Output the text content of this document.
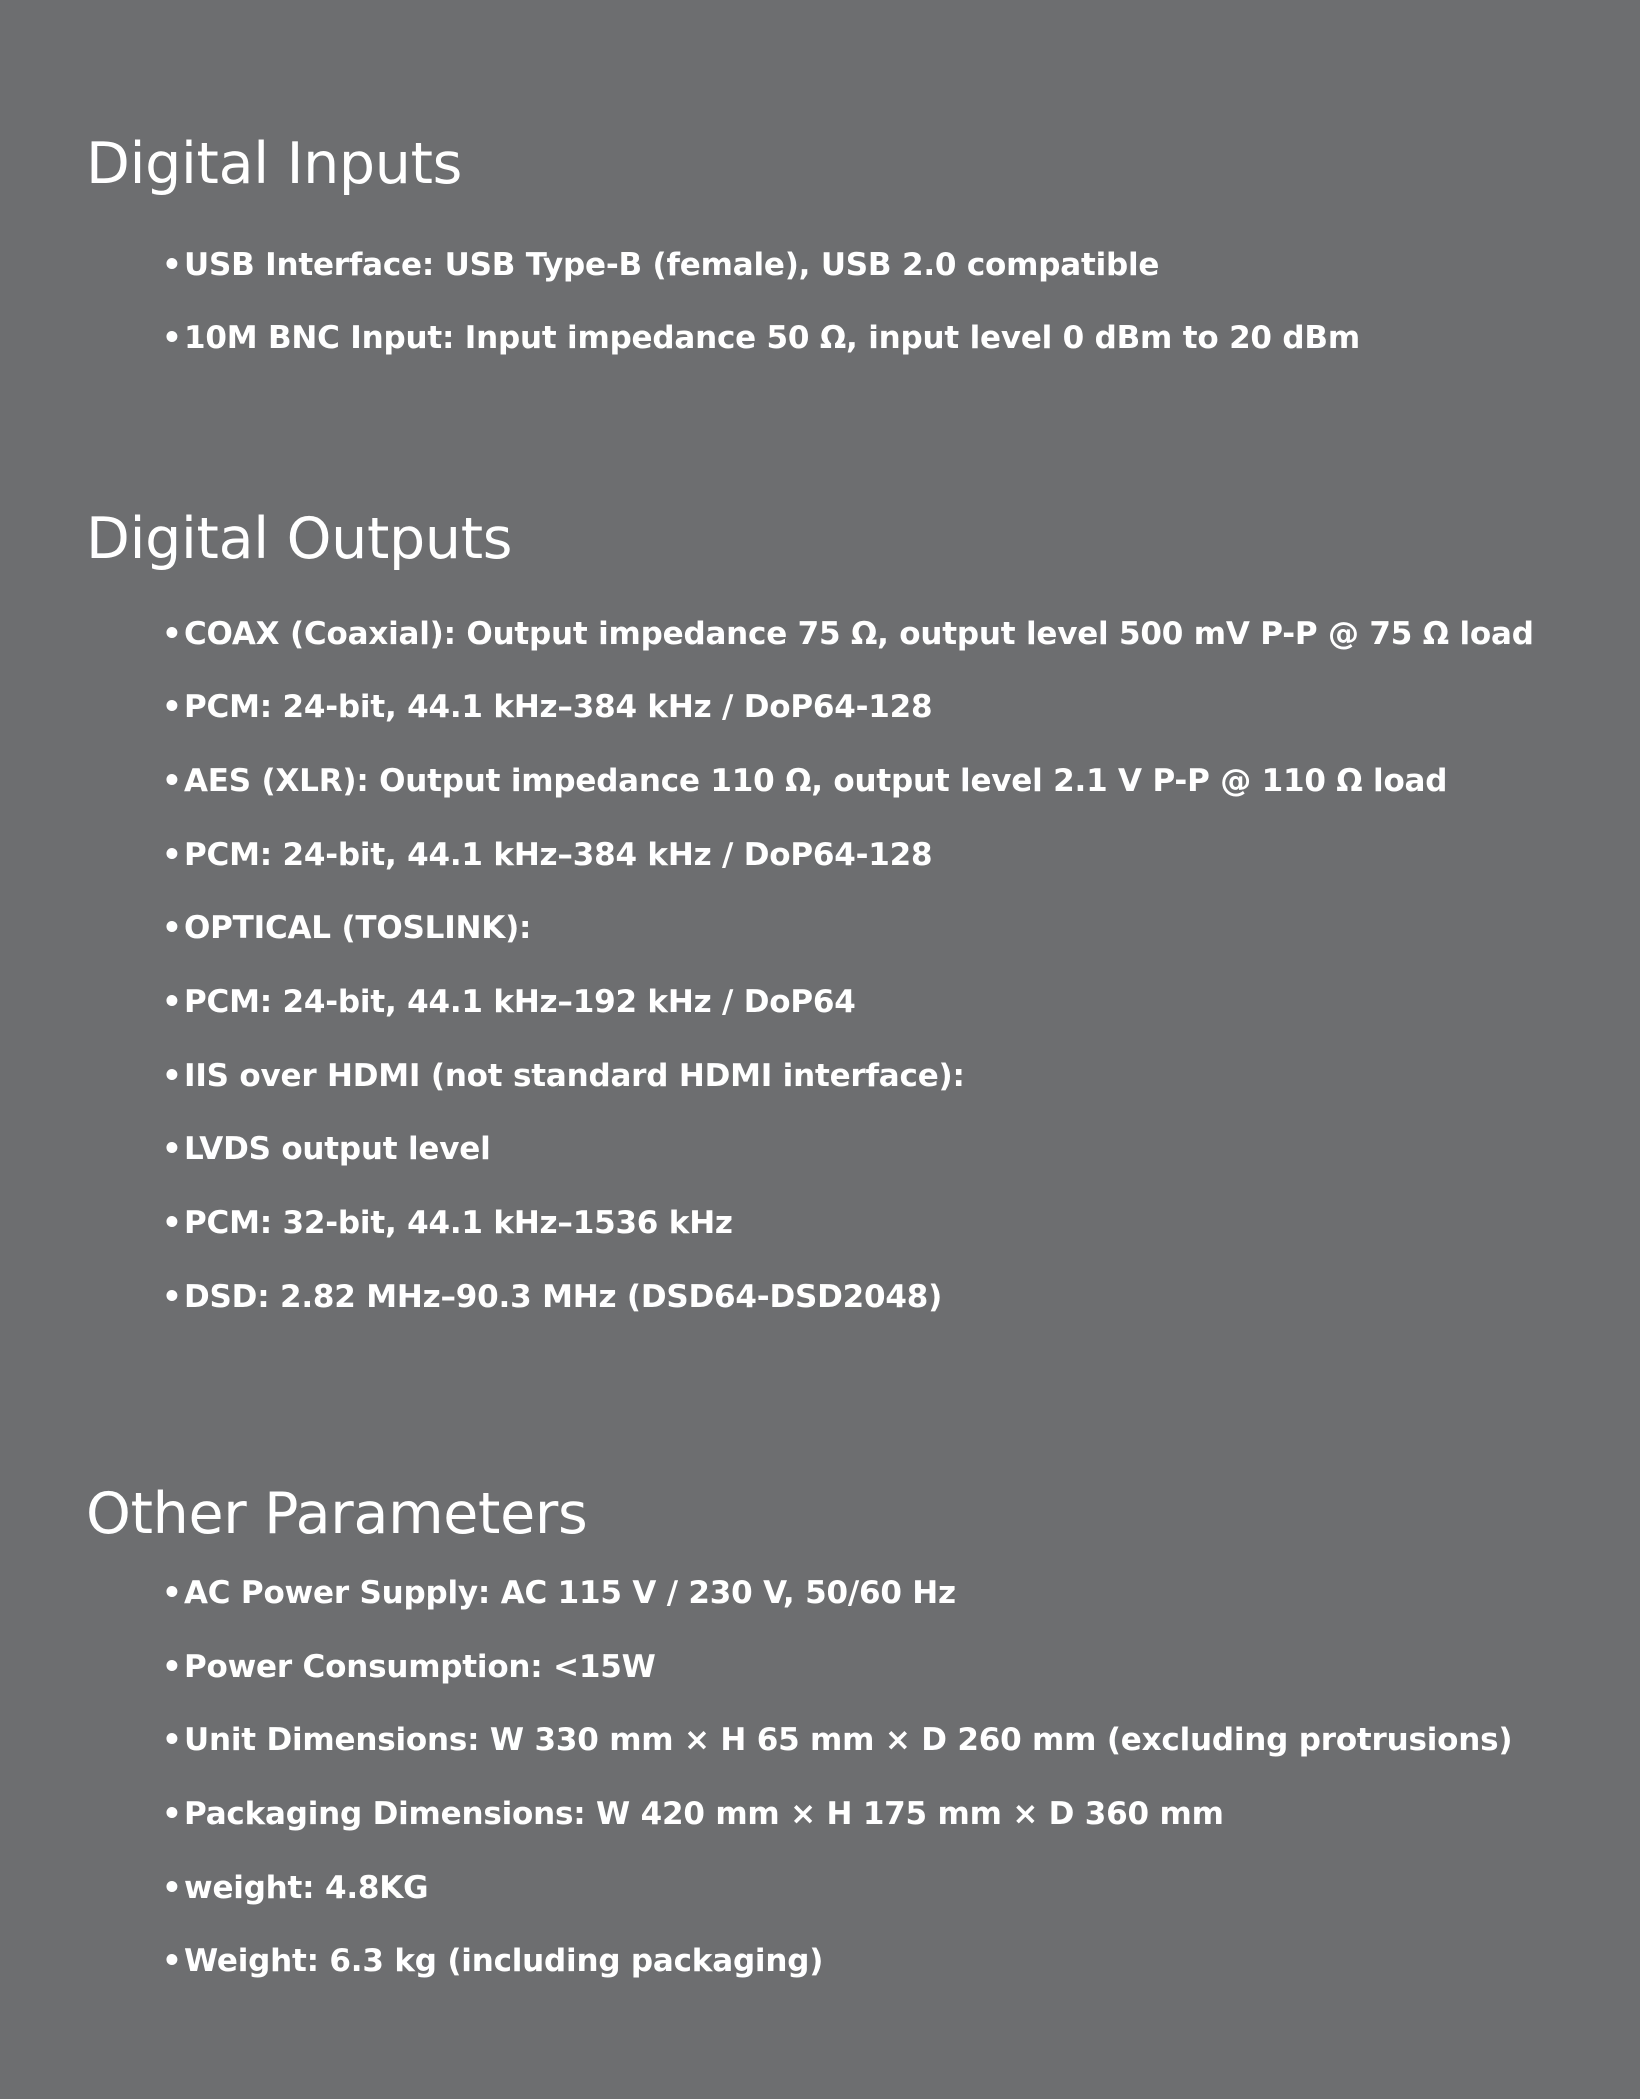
Digital Inputs

•USB Interface: USB Type-B (female), USB 2.0 compatible

•10M BNC Input: Input impedance 50 Ω, input level 0 dBm to 20 dBm

Digital Outputs

•COAX (Coaxial): Output impedance 75 Ω, output level 500 mV P-P @ 75 Ω load

•PCM: 24-bit, 44.1 kHz–384 kHz / DoP64-128

•AES (XLR): Output impedance 110 Ω, output level 2.1 V P-P @ 110 Ω load

•PCM: 24-bit, 44.1 kHz–384 kHz / DoP64-128

•OPTICAL (TOSLINK):

•PCM: 24-bit, 44.1 kHz–192 kHz / DoP64

•IIS over HDMI (not standard HDMI interface):

•LVDS output level

•PCM: 32-bit, 44.1 kHz–1536 kHz

•DSD: 2.82 MHz–90.3 MHz (DSD64-DSD2048)

Other Parameters

•AC Power Supply: AC 115 V / 230 V, 50/60 Hz

•Power Consumption: <15W

•Unit Dimensions: W 330 mm × H 65 mm × D 260 mm (excluding protrusions)

•Packaging Dimensions: W 420 mm × H 175 mm × D 360 mm

•weight: 4.8KG

•Weight: 6.3 kg (including packaging)
